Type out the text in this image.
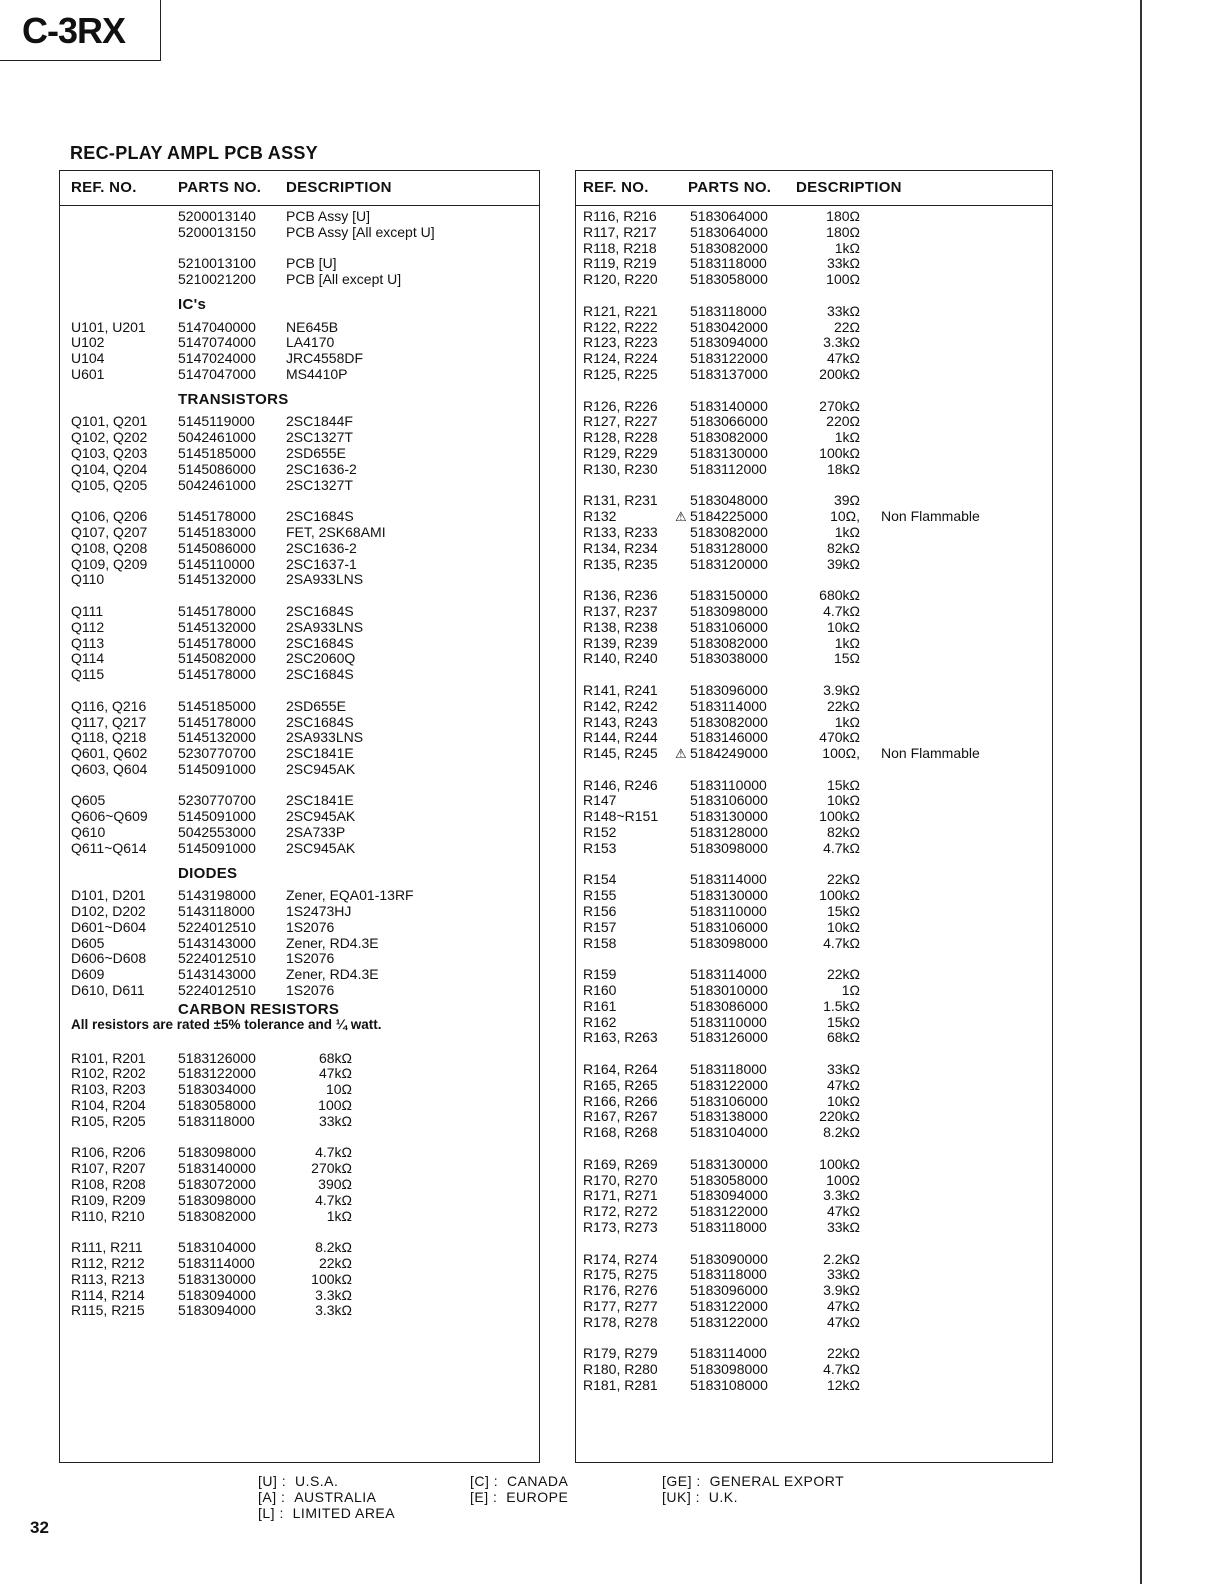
C-3RX
REC-PLAY AMPL PCB ASSY
REF. NO.	PARTS NO. DESCRIPTION
5200013140 PCB Assy [U]
5200013150 PCB Assy [All except U]
5210013100 PCB [U]
5210021200 PCB [All except U]
IC's
U101, U201 5147040000 NE645B
U102	5147074000 LA4170
U104	5147024000 JRC4558DF
U601	5147047000 MS4410P
TRANSISTORS
Q101, Q201 5145119000 2SC1844F
Q102, Q202 5042461000 2SC1327T
Q103, Q203 5145185000 2SD655E
Q104, Q204 5145086000 2SC1636-2
Q105, Q205 5042461000 2SC1327T
Q106, Q206 5145178000 2SC1684S
Q107, Q207 5145183000 FET, 2SK68AMI
Q108, Q208 5145086000 2SC1636-2
Q109, Q209 5145110000 2SC1637-1
Q110	5145132000 2SA933LNS
Q111	5145178000 2SC1684S
Q112	5145132000 2SA933LNS
Q113	5145178000 2SC1684S
Q114	5145082000 2SC2060Q
Q115	5145178000 2SC1684S
Q116, Q216 5145185000 2SD655E
Q117, Q217 5145178000 2SC1684S
Q118, Q218 5145132000 2SA933LNS
Q601, Q602 5230770700 2SC1841E
Q603, Q604 5145091000 2SC945AK
Q605	5230770700 2SC1841E
Q606~Q609 5145091000 2SC945AK
Q610	5042553000 2SA733P
Q611~Q614 5145091000 2SC945AK
DIODES
D101, D201 5143198000 Zener, EQA01-13RF
D102, D202 5143118000 1S2473HJ
D601~D604 5224012510 1S2076
D605	5143143000 Zener, RD4.3E
D606~D608 5224012510 1S2076
D609	5143143000 Zener, RD4.3E
D610, D611 5224012510 1S2076
CARBON RESISTORS
All resistors are rated ±5% tolerance and ¼ watt.
R101, R201 5183126000	68kΩ
R102, R202 5183122000	47kΩ
R103, R203 5183034000	10Ω
R104, R204 5183058000	100Ω
R105, R205 5183118000	33kΩ
R106, R206 5183098000	4.7kΩ
R107, R207 5183140000	270kΩ
R108, R208 5183072000	390Ω
R109, R209 5183098000	4.7kΩ
R110, R210 5183082000	1kΩ
R111, R211	5183104000	8.2kΩ
R112, R212 5183114000	22kΩ
R113, R213 5183130000	100kΩ
R114, R214 5183094000	3.3kΩ
R115, R215 5183094000	3.3kΩ
REF. NO.	PARTS NO. DESCRIPTION
R116, R216 5183064000	180Ω
R117, R217 5183064000	180Ω
R118, R218 5183082000	1kΩ
R119, R219 5183118000	33kΩ
R120, R220 5183058000	100Ω
R121, R221 5183118000	33kΩ
R122, R222 5183042000	22Ω
R123, R223 5183094000	3.3kΩ
R124, R224 5183122000	47kΩ
R125, R225 5183137000	200kΩ
R126, R226 5183140000	270kΩ
R127, R227 5183066000	220Ω
R128, R228 5183082000	1kΩ
R129, R229 5183130000	100kΩ
R130, R230 5183112000	18kΩ
R131, R231 5183048000	39Ω
R132	⚠ 5184225000	10Ω, Non Flammable
R133, R233 5183082000	1kΩ
R134, R234 5183128000	82kΩ
R135, R235 5183120000	39kΩ
R136, R236 5183150000	680kΩ
R137, R237 5183098000	4.7kΩ
R138, R238 5183106000	10kΩ
R139, R239 5183082000	1kΩ
R140, R240 5183038000	15Ω
R141, R241 5183096000	3.9kΩ
R142, R242 5183114000	22kΩ
R143, R243 5183082000	1kΩ
R144, R244 5183146000	470kΩ
R145, R245 ⚠ 5184249000	100Ω, Non Flammable
R146, R246 5183110000	15kΩ
R147	5183106000	10kΩ
R148~R151 5183130000	100kΩ
R152	5183128000	82kΩ
R153	5183098000	4.7kΩ
R154	5183114000	22kΩ
R155	5183130000	100kΩ
R156	5183110000	15kΩ
R157	5183106000	10kΩ
R158	5183098000	4.7kΩ
R159	5183114000	22kΩ
R160	5183010000	1Ω
R161	5183086000	1.5kΩ
R162	5183110000	15kΩ
R163, R263 5183126000	68kΩ
R164, R264 5183118000	33kΩ
R165, R265 5183122000	47kΩ
R166, R266 5183106000	10kΩ
R167, R267 5183138000	220kΩ
R168, R268 5183104000	8.2kΩ
R169, R269 5183130000	100kΩ
R170, R270 5183058000	100Ω
R171, R271 5183094000	3.3kΩ
R172, R272 5183122000	47kΩ
R173, R273 5183118000	33kΩ
R174, R274 5183090000	2.2kΩ
R175, R275 5183118000	33kΩ
R176, R276 5183096000	3.9kΩ
R177, R277 5183122000	47kΩ
R178, R278 5183122000	47kΩ
R179, R279 5183114000	22kΩ
R180, R280 5183098000	4.7kΩ
R181, R281 5183108000	12kΩ
[U] : U.S.A.
[A] : AUSTRALIA
[L] : LIMITED AREA
[C] : CANADA
[E] : EUROPE
[GE] : GENERAL EXPORT
[UK] : U.K.
32
